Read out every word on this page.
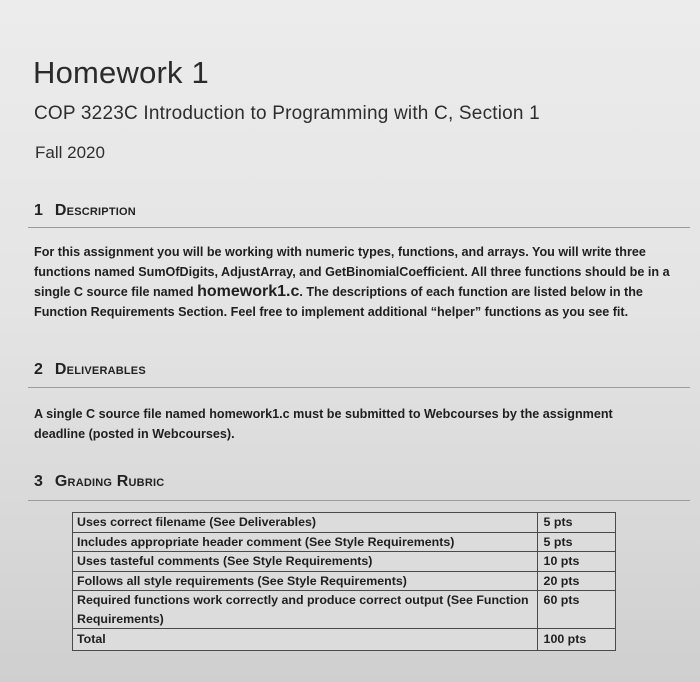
Homework 1
COP 3223C Introduction to Programming with C, Section 1
Fall 2020
1 Description
For this assignment you will be working with numeric types, functions, and arrays. You will write three functions named SumOfDigits, AdjustArray, and GetBinomialCoefficient. All three functions should be in a single C source file named homework1.c. The descriptions of each function are listed below in the Function Requirements Section. Feel free to implement additional “helper” functions as you see fit.
2 Deliverables
A single C source file named homework1.c must be submitted to Webcourses by the assignment deadline (posted in Webcourses).
3 Grading Rubric
Uses correct filename (See Deliverables)	5 pts
Includes appropriate header comment (See Style Requirements)	5 pts
Uses tasteful comments (See Style Requirements)	10 pts
Follows all style requirements (See Style Requirements)	20 pts
Required functions work correctly and produce correct output (See Function Requirements)	60 pts
Total	100 pts
